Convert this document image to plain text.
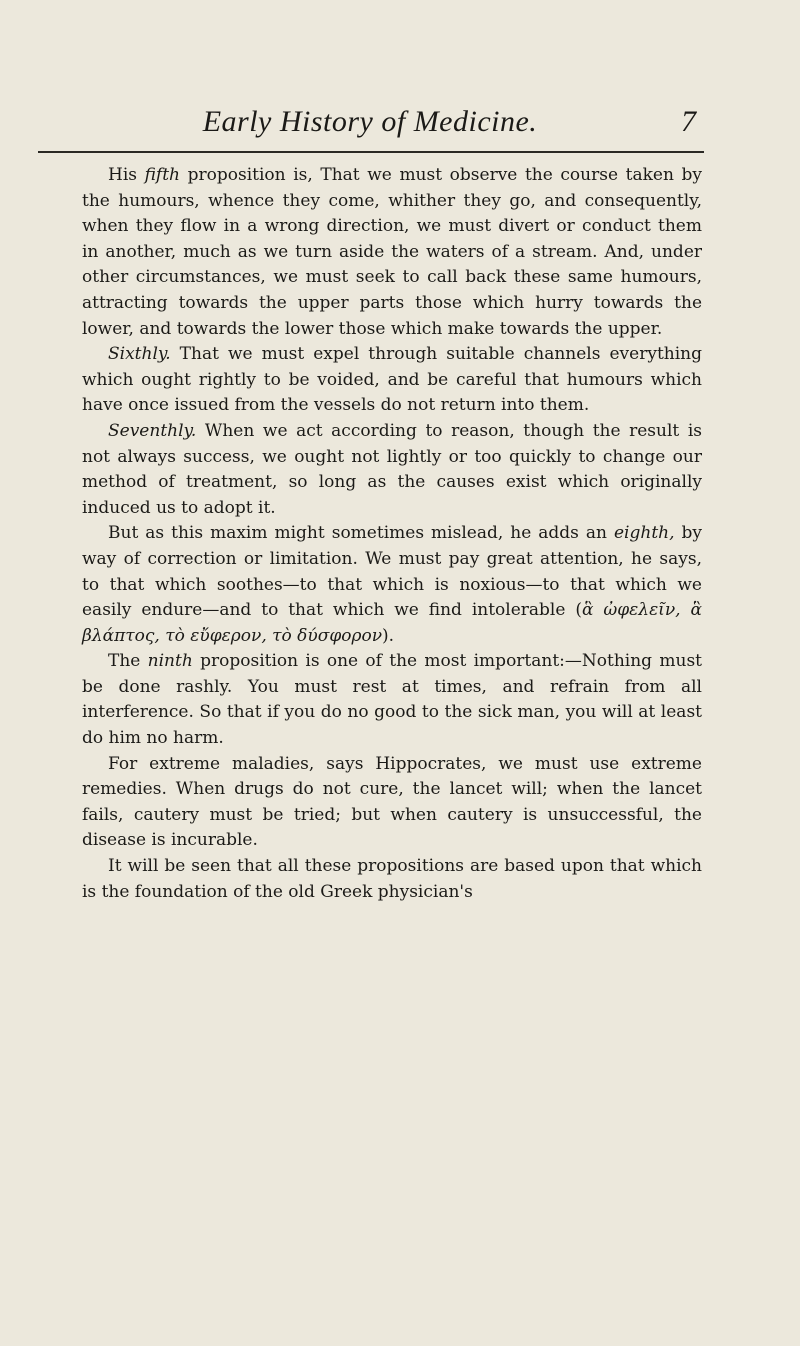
Early History of Medicine.	7

His fifth proposition is, That we must observe the course taken by the humours, whence they come, whither they go, and consequently, when they flow in a wrong direction, we must divert or conduct them in another, much as we turn aside the waters of a stream. And, under other circumstances, we must seek to call back these same humours, attracting towards the upper parts those which hurry towards the lower, and towards the lower those which make towards the upper.

Sixthly. That we must expel through suitable channels everything which ought rightly to be voided, and be careful that humours which have once issued from the vessels do not return into them.

Seventhly. When we act according to reason, though the result is not always success, we ought not lightly or too quickly to change our method of treatment, so long as the causes exist which originally induced us to adopt it.

But as this maxim might sometimes mislead, he adds an eighth, by way of correction or limitation. We must pay great attention, he says, to that which soothes—to that which is noxious—to that which we easily endure—and to that which we find intolerable (ἃ ὠφελεῖν, ἃ βλάπτος, τὸ εὔφερον, τὸ δύσφορον).

The ninth proposition is one of the most important:—Nothing must be done rashly. You must rest at times, and refrain from all interference. So that if you do no good to the sick man, you will at least do him no harm.

For extreme maladies, says Hippocrates, we must use extreme remedies. When drugs do not cure, the lancet will; when the lancet fails, cautery must be tried; but when cautery is unsuccessful, the disease is incurable.

It will be seen that all these propositions are based upon that which is the foundation of the old Greek physician's
